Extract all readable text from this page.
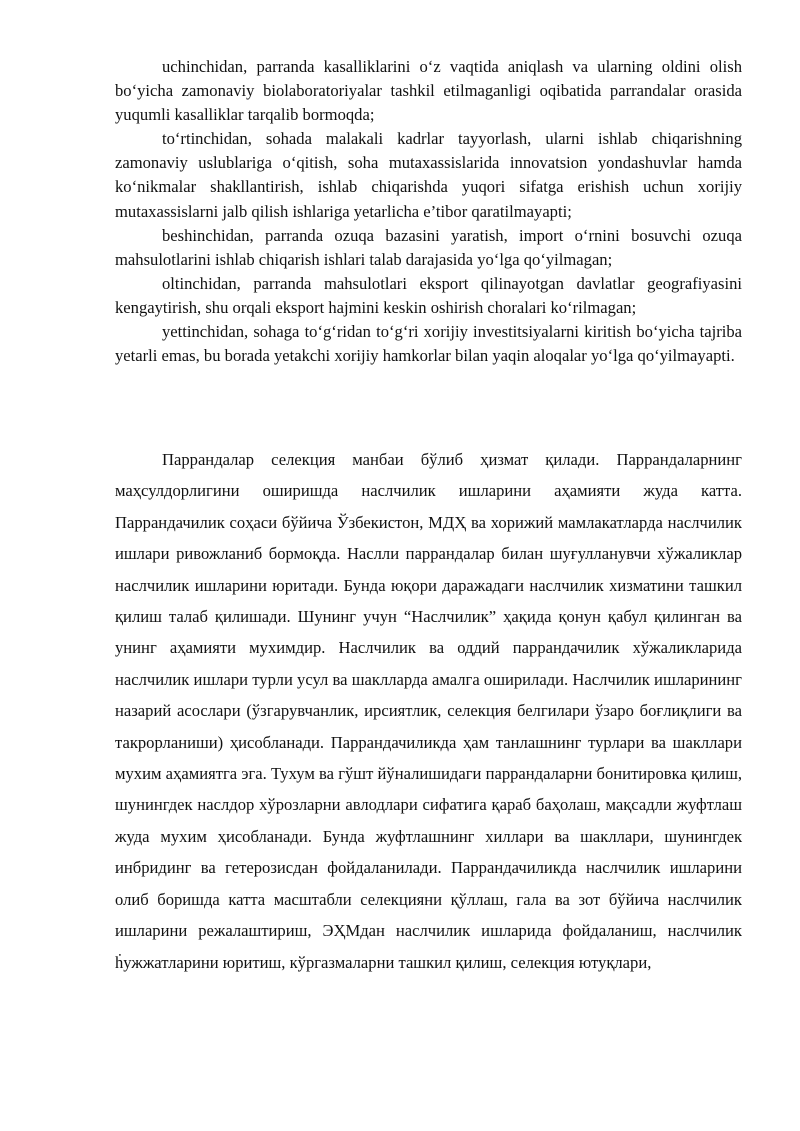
uchinchidan, parranda kasalliklarini o‘z vaqtida aniqlash va ularning oldini olish bo‘yicha zamonaviy biolaboratoriyalar tashkil etilmaganligi oqibatida parrandalar orasida yuqumli kasalliklar tarqalib bormoqda;

to‘rtinchidan, sohada malakali kadrlar tayyorlash, ularni ishlab chiqarishning zamonaviy uslublariga o‘qitish, soha mutaxassislarida innovatsion yondashuvlar hamda ko‘nikmalar shakllantirish, ishlab chiqarishda yuqori sifatga erishish uchun xorijiy mutaxassislarni jalb qilish ishlariga yetarlicha e’tibor qaratilmayapti;

beshinchidan, parranda ozuqa bazasini yaratish, import o‘rnini bosuvchi ozuqa mahsulotlarini ishlab chiqarish ishlari talab darajasida yo‘lga qo‘yilmagan;

oltinchidan, parranda mahsulotlari eksport qilinayotgan davlatlar geografiyasini kengaytirish, shu orqali eksport hajmini keskin oshirish choralari ko‘rilmagan;

yettinchidan, sohaga to‘g‘ridan to‘g‘ri xorijiy investitsiyalarni kiritish bo‘yicha tajriba yetarli emas, bu borada yetakchi xorijiy hamkorlar bilan yaqin aloqalar yo‘lga qo‘yilmayapti.

Паррандалар селекция манбаи бўлиб ҳизмат қилади. Паррандаларнинг маҳсулдорлигини оширишда наслчилик ишларини аҳамияти жуда катта. Паррандачилик соҳаси бўйича Ўзбекистон, МДҲ ва хорижий мамлакатларда наслчилик ишлари ривожланиб бормоқда. Наслли паррандалар билан шуғулланувчи хўжаликлар наслчилик ишларини юритади. Бунда юқори даражадаги наслчилик хизматини ташкил қилиш талаб қилишади. Шунинг учун “Наслчилик” ҳақида қонун қабул қилинган ва унинг аҳамияти мухимдир. Наслчилик ва оддий паррандачилик хўжаликларида наслчилик ишлари турли усул ва шаклларда амалга оширилади. Наслчилик ишларининг назарий асослари (ўзгарувчанлик, ирсиятлик, селекция белгилари ўзаро боғлиқлиги ва такрорланиши) ҳисобланади. Паррандачиликда ҳам танлашнинг турлари ва шакллари мухим аҳамиятга эга. Тухум ва гўшт йўналишидаги паррандаларни бонитировка қилиш, шунингдек наслдор хўрозларни авлодлари сифатига қараб баҳолаш, мақсадли жуфтлаш жуда мухим ҳисобланади. Бунда жуфтлашнинг хиллари ва шакллари, шунингдек инбридинг ва гетерозисдан фойдаланилади. Паррандачиликда наслчилик ишларини олиб боришда катта масштабли селекцияни қўллаш, гала ва зот бўйича наслчилик ишларини режалаштириш, ЭҲМдан наслчилик ишларида фойдаланиш, наслчилик ḣужжатларини юритиш, кўргазмаларни ташкил қилиш, селекция ютуқлари,
